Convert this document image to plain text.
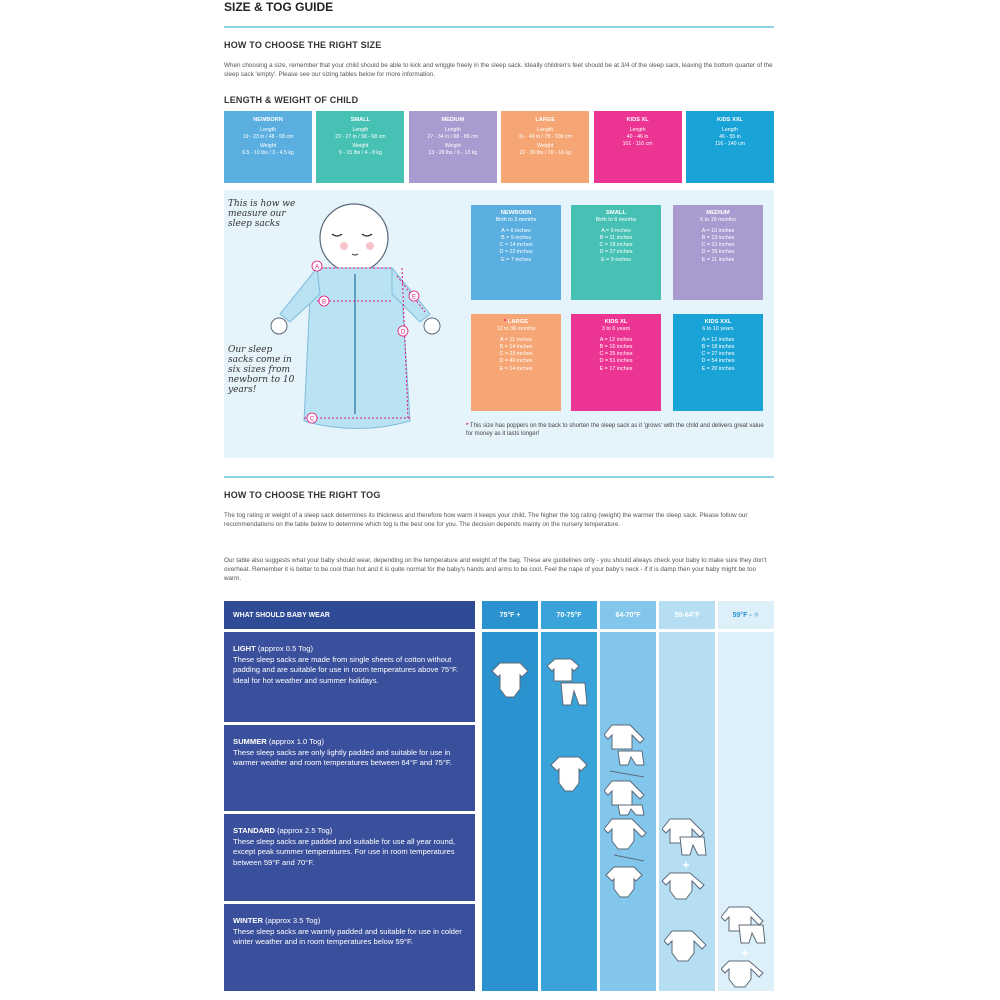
SIZE & TOG GUIDE
HOW TO CHOOSE THE RIGHT SIZE
When choosing a size, remember that your child should be able to kick and wriggle freely in the sleep sack. Ideally children's feet should be at 3/4 of the sleep sack, leaving the bottom quarter of the sleep sack 'empty'. Please see our sizing tables below for more information.
LENGTH & WEIGHT OF CHILD
NEWBORN
Length
19 - 23 in / 48 - 58 cm
Weight
6.5 - 10 lbs / 3 - 4.5 kg
SMALL
Length
23 - 27 in / 58 - 68 cm
Weight
9 - 15 lbs / 4 - 8 kg
MEDIUM
Length
27 - 34 in / 68 - 86 cm
Weight
13 - 29 lbs / 6 - 13 kg
LARGE
Length
31 - 40 in / 78 - 100 cm
Weight
22 - 36 lbs / 10 - 16 kg
KIDS XL
Length
40 - 46 in
101 - 116 cm
KIDS XXL
Length
46 - 55 in
116 - 140 cm
This is how we measure our sleep sacks
Our sleep sacks come in six sizes from newborn to 10 years!
A
B
C
D
E
NEWBORN
Birth to 3 months
A = 6 inches
B = 9 inches
C = 14 inches
D = 22 inches
E = 7 inches
SMALL
Birth to 6 months
A = 9 inches
B = 11 inches
C = 18 inches
D = 27 inches
E = 9 inches
MEDIUM
6 to 18 months
A = 10 inches
B = 13 inches
C = 21 inches
D = 35 inches
E = 11 inches
* LARGE
12 to 36 months
A = 11 inches
B = 14 inches
C = 23 inches
D = 40 inches
E = 14 inches
KIDS XL
3 to 6 years
A = 12 inches
B = 16 inches
C = 25 inches
D = 51 inches
E = 17 inches
KIDS XXL
6 to 10 years
A = 12 inches
B = 18 inches
C = 27 inches
D = 54 inches
E = 20 inches
* This size has poppers on the back to shorten the sleep sack as it 'grows' with the child and delivers great value for money as it lasts longer!
HOW TO CHOOSE THE RIGHT TOG
The tog rating or weight of a sleep sack determines its thickness and therefore how warm it keeps your child. The higher the tog rating (weight) the warmer the sleep sack. Please follow our recommendations on the table below to determine which tog is the best one for you. The decision depends mainly on the nursery temperature.
Our table also suggests what your baby should wear, depending on the temperature and weight of the bag. These are guidelines only - you should always check your baby to make sure they don't overheat. Remember it is better to be cool than hot and it is quite normal for the baby's hands and arms to be cool. Feel the nape of your baby's neck - if it is damp then your baby might be too warm.
WHAT SHOULD BABY WEAR	75°F +	70-75°F	64-70°F	59-64°F	59°F -
❄
LIGHT (approx 0.5 Tog)
These sleep sacks are made from single sheets of cotton without padding and are suitable for use in room temperatures above 75°F. Ideal for hot weather and summer holidays.
SUMMER (approx 1.0 Tog)
These sleep sacks are only lightly padded and suitable for use in warmer weather and room temperatures between 64°F and 75°F.
STANDARD (approx 2.5 Tog)
These sleep sacks are padded and suitable for use all year round, except peak summer temperatures. For use in room temperatures between 59°F and 70°F.
WINTER (approx 3.5 Tog)
These sleep sacks are warmly padded and suitable for use in colder winter weather and in room temperatures below 59°F.
+
+
